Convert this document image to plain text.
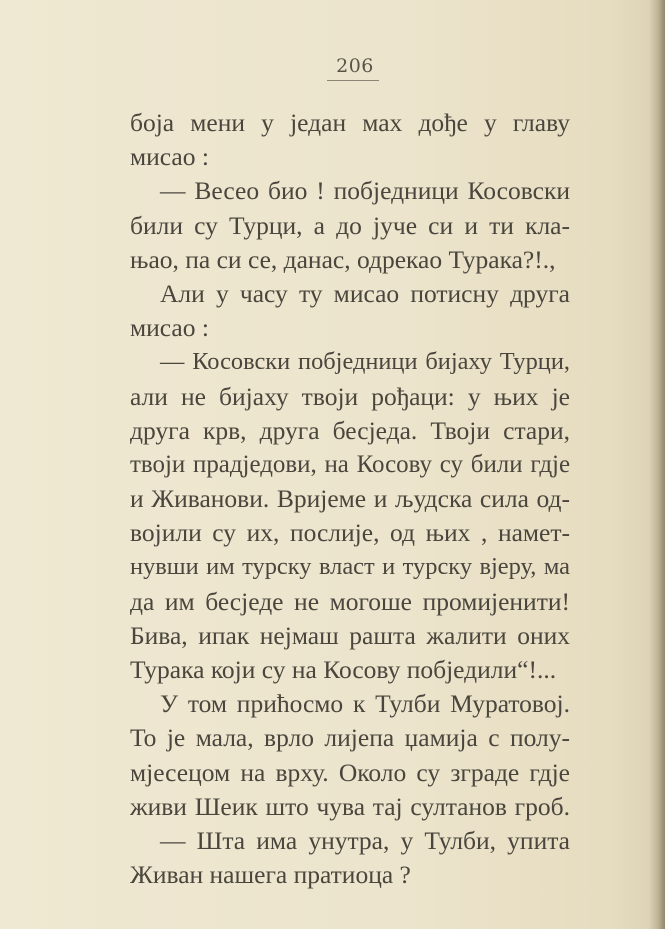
206
боја мени у један мах дође у главу
мисао :
— Весео био ! побједници Косовски
били су Турци, а до јуче си и ти кла-
њао, па си се, данас, одрекао Турака?!.,
Али у часу ту мисао потисну друга
мисао :
— Косовски побједници бијаху Турци,
али не бијаху твоји рођаци: у њих је
друга крв, друга бесједа. Твоји стари,
твоји прадједови, на Косову су били гдје
и Живанови. Вријеме и људска сила од-
војили су их, послије, од њих , намет-
нувши им турску власт и турску вјеру, ма
да им бесједе не могоше промијенити!
Бива, ипак нејмаш рашта жалити оних
Турака који су на Косову побједили“!...
У том прићосмо к Тулби Муратовој.
То је мала, врло лијепа џамија с полу-
мјесецом на врху. Около су зграде гдје
живи Шеик што чува тај султанов гроб.
— Шта има унутра, у Тулби, упита
Живан нашега пратиоца ?
